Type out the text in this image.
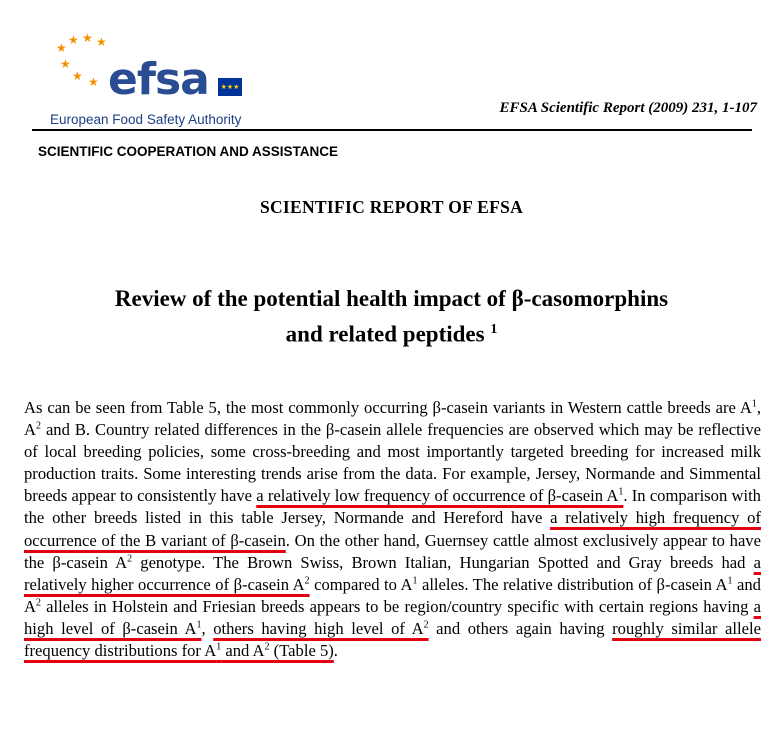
★
★ ★ ★
★
★ ★ efsa ★★★
European Food Safety Authority
EFSA Scientific Report (2009) 231, 1-107
SCIENTIFIC COOPERATION AND ASSISTANCE
SCIENTIFIC REPORT OF EFSA
Review of the potential health impact of β-casomorphins
and related peptides $^1$
As can be seen from Table 5, the most commonly occurring β-casein variants in Western cattle breeds are $A^1$, $A^2$ and B. Country related differences in the β-casein allele frequencies are observed which may be reflective of local breeding policies, some cross-breeding and most importantly targeted breeding for increased milk production traits. Some interesting trends arise from the data. For example, Jersey, Normande and Simmental breeds appear to consistently have a relatively low frequency of occurrence of β-casein $A^1$. In comparison with the other breeds listed in this table Jersey, Normande and Hereford have a relatively high frequency of occurrence of the B variant of β-casein. On the other hand, Guernsey cattle almost exclusively appear to have the β-casein $A^2$ genotype. The Brown Swiss, Brown Italian, Hungarian Spotted and Gray breeds had a relatively higher occurrence of β-casein $A^2$ compared to $A^1$ alleles. The relative distribution of β-casein $A^1$ and $A^2$ alleles in Holstein and Friesian breeds appears to be region/country specific with certain regions having a high level of β-casein $A^1$, others having high level of $A^2$ and others again having roughly similar allele frequency distributions for $A^1$ and $A^2$ (Table 5).
